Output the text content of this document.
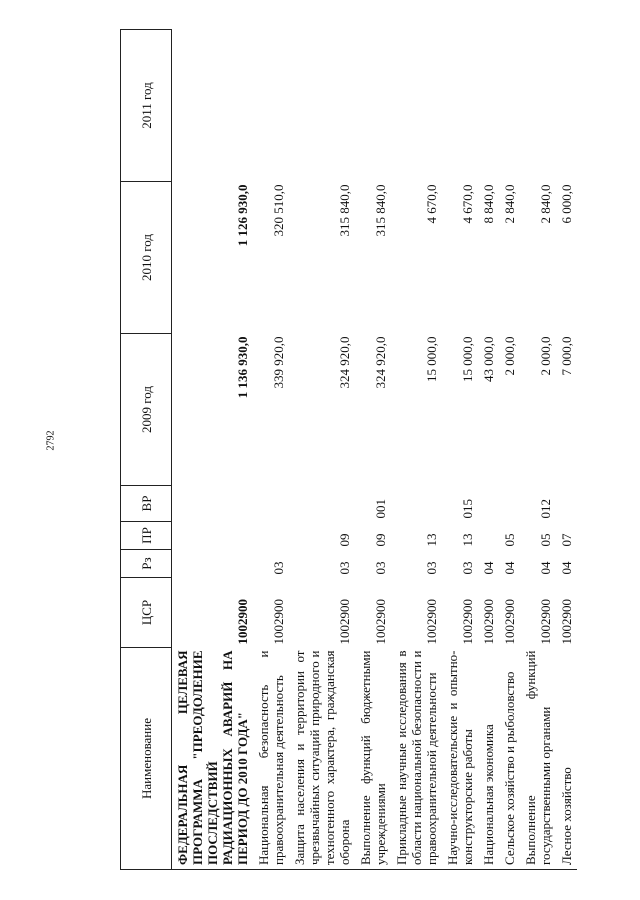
2792
Наименование	ЦСР	Рз	ПР	ВР	2009 год	2010 год	2011 год
ФЕДЕРАЛЬНАЯ ЦЕЛЕВАЯ ПРОГРАММА "ПРЕОДОЛЕНИЕ ПОСЛЕДСТВИЙ РАДИАЦИОННЫХ АВАРИЙ НА ПЕРИОД ДО 2010 ГОДА"	1002900				1 136 930,0	1 126 930,0	
Национальная безопасность и правоохранительная деятельность	1002900	03			339 920,0	320 510,0	
Защита населения и территории от чрезвычайных ситуаций природного и техногенного характера, гражданская оборона	1002900	03	09		324 920,0	315 840,0	
Выполнение функций бюджетными учреждениями	1002900	03	09	001	324 920,0	315 840,0	
Прикладные научные исследования в области национальной безопасности и правоохранительной деятельности	1002900	03	13		15 000,0	4 670,0	
Научно-исследовательские и опытно-конструкторские работы	1002900	03	13	015	15 000,0	4 670,0	
Национальная экономика	1002900	04			43 000,0	8 840,0	
Сельское хозяйство и рыболовство	1002900	04	05		2 000,0	2 840,0	
Выполнение функций государственными органами	1002900	04	05	012	2 000,0	2 840,0	
Лесное хозяйство	1002900	04	07		7 000,0	6 000,0	
